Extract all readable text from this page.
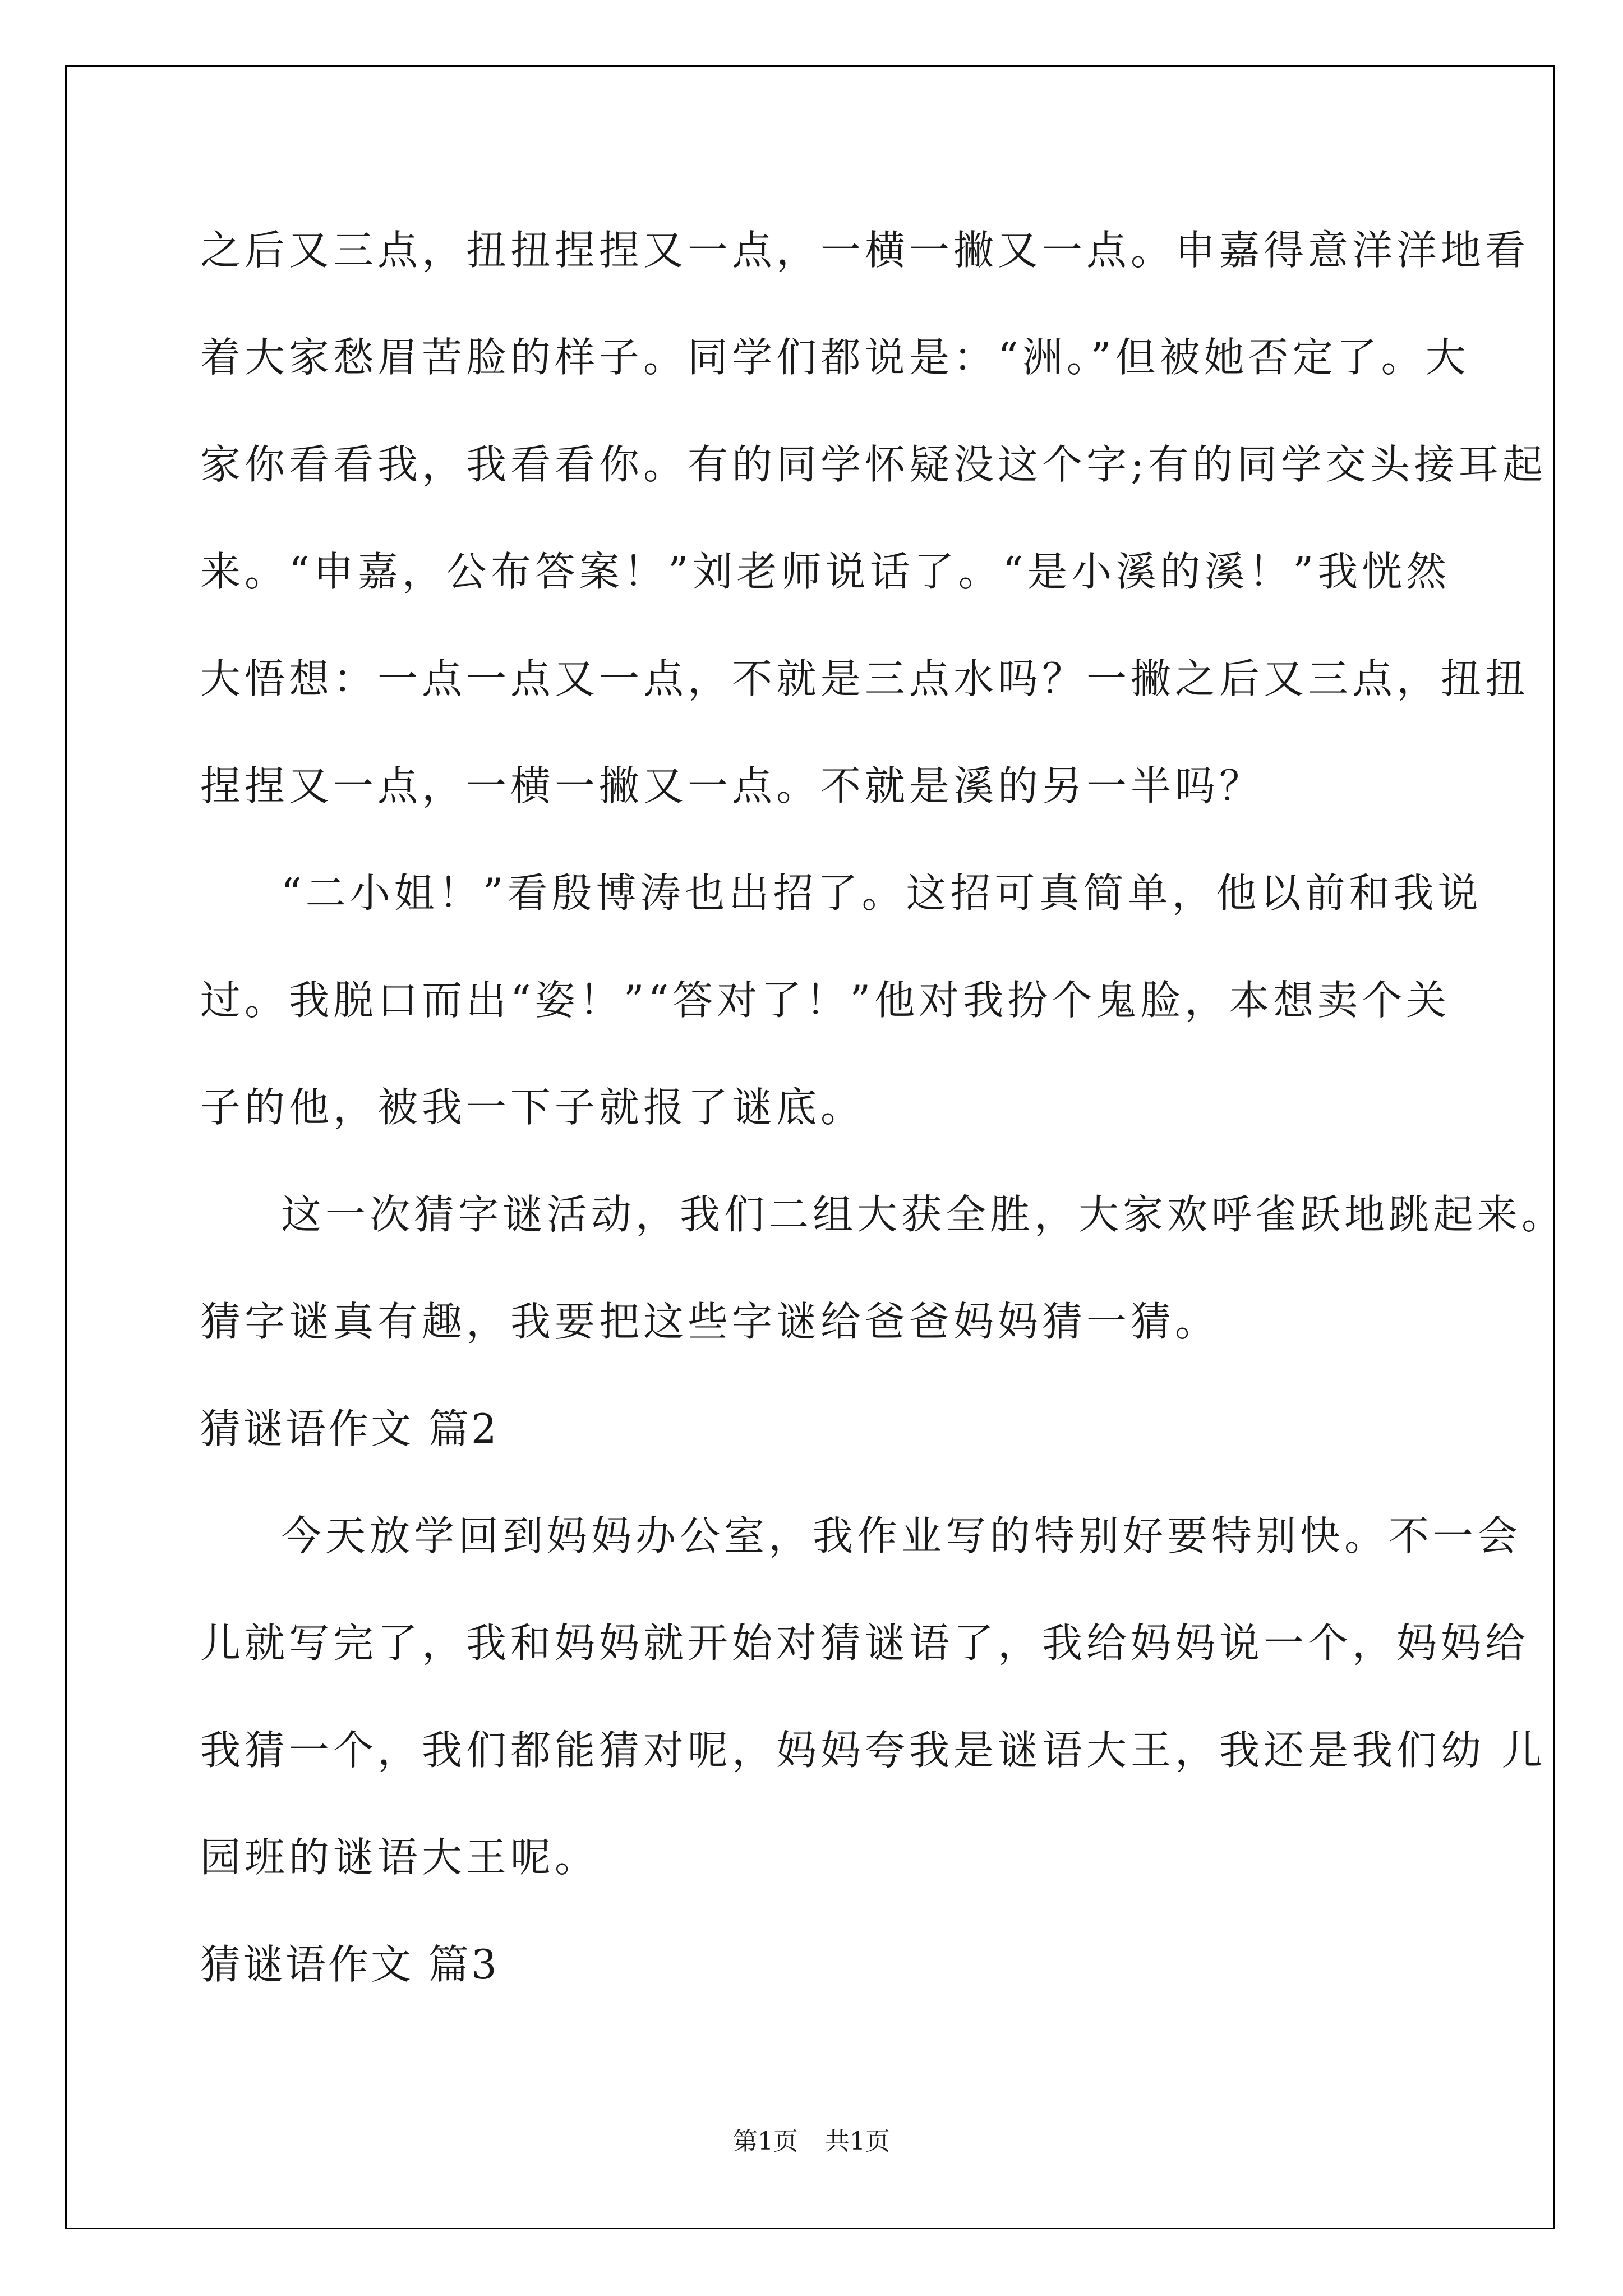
之后又三点，扭扭捏捏又一点，一横一撇又一点。申嘉得意洋洋地看
着大家愁眉苦脸的样子。同学们都说是：“洲。”但被她否定了。大
家你看看我，我看看你。有的同学怀疑没这个字;有的同学交头接耳起
来。“申嘉，公布答案！”刘老师说话了。“是小溪的溪！”我恍然
大悟想：一点一点又一点，不就是三点水吗？一撇之后又三点，扭扭
捏捏又一点，一横一撇又一点。不就是溪的另一半吗？
“二小姐！”看殷博涛也出招了。这招可真简单，他以前和我说
过。我脱口而出“姿！”“答对了！”他对我扮个鬼脸，本想卖个关
子的他，被我一下子就报了谜底。
这一次猜字谜活动，我们二组大获全胜，大家欢呼雀跃地跳起来。
猜字谜真有趣，我要把这些字谜给爸爸妈妈猜一猜。
猜谜语作文 篇2
今天放学回到妈妈办公室，我作业写的特别好要特别快。不一会
儿就写完了，我和妈妈就开始对猜谜语了，我给妈妈说一个，妈妈给
我猜一个，我们都能猜对呢，妈妈夸我是谜语大王，我还是我们幼 儿
园班的谜语大王呢。
猜谜语作文 篇3
第1页 共1页
